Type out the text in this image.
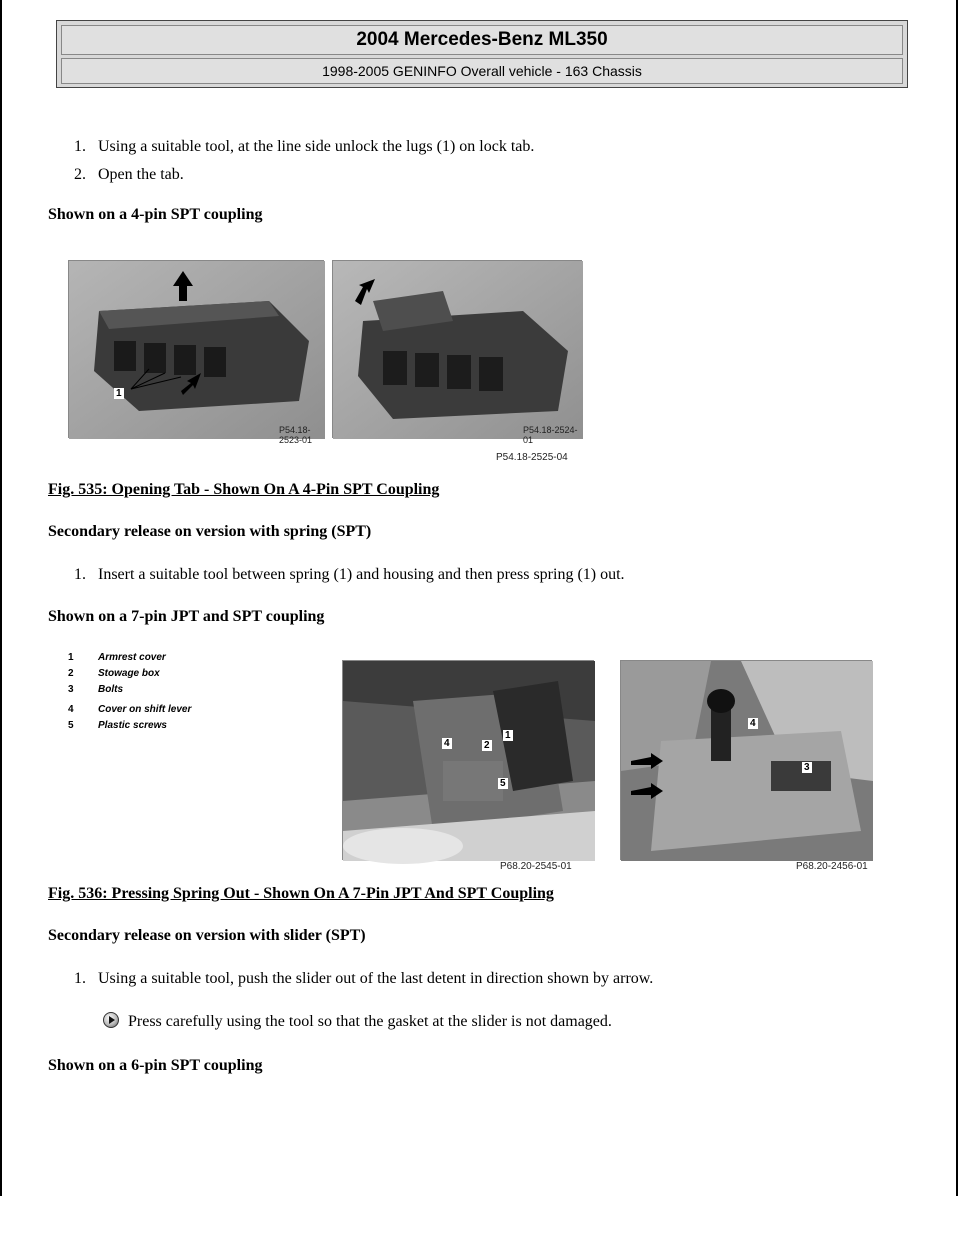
2004 Mercedes-Benz ML350
1998-2005 GENINFO Overall vehicle - 163 Chassis
1. Using a suitable tool, at the line side unlock the lugs (1) on lock tab.
2. Open the tab.
Shown on a 4-pin SPT coupling
P54.18-2523-01
1
P54.18-2524-01
P54.18-2525-04
Fig. 535: Opening Tab - Shown On A 4-Pin SPT Coupling
Secondary release on version with spring (SPT)
1. Insert a suitable tool between spring (1) and housing and then press spring (1) out.
Shown on a 7-pin JPT and SPT coupling
1 Armrest cover
2 Stowage box
3 Bolts
4 Cover on shift lever
5 Plastic screws
4	2
1
5
P68.20-2545-01
4
3
P68.20-2456-01
Fig. 536: Pressing Spring Out - Shown On A 7-Pin JPT And SPT Coupling
Secondary release on version with slider (SPT)
1. Using a suitable tool, push the slider out of the last detent in direction shown by arrow.
Press carefully using the tool so that the gasket at the slider is not damaged.
Shown on a 6-pin SPT coupling
